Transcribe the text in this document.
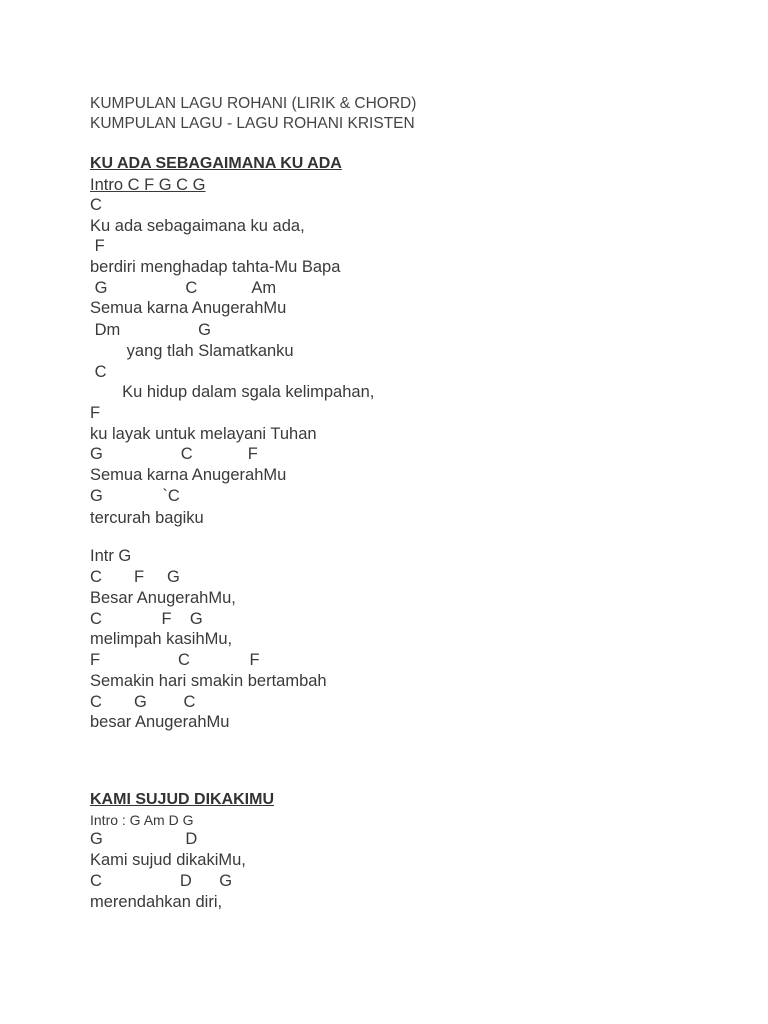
KUMPULAN LAGU ROHANI (LIRIK & CHORD)
KUMPULAN LAGU - LAGU ROHANI KRISTEN
KU ADA SEBAGAIMANA KU ADA
Intro C F G C G
C
Ku ada sebagaimana ku ada,
F
berdiri menghadap tahta-Mu Bapa
G                 C            Am
Semua karna AnugerahMu
Dm                 G
yang tlah Slamatkanku
C
Ku hidup dalam sgala kelimpahan,
F
ku layak untuk melayani Tuhan
G                 C            F
Semua karna AnugerahMu
G             `C
tercurah bagiku
Intr G
C       F     G
Besar AnugerahMu,
C             F    G
melimpah kasihMu,
F                 C             F
Semakin hari smakin bertambah
C       G        C
besar AnugerahMu
KAMI SUJUD DIKAKIMU
Intro : G Am D G
G                  D
Kami sujud dikakiMu,
C                 D      G
merendahkan diri,
